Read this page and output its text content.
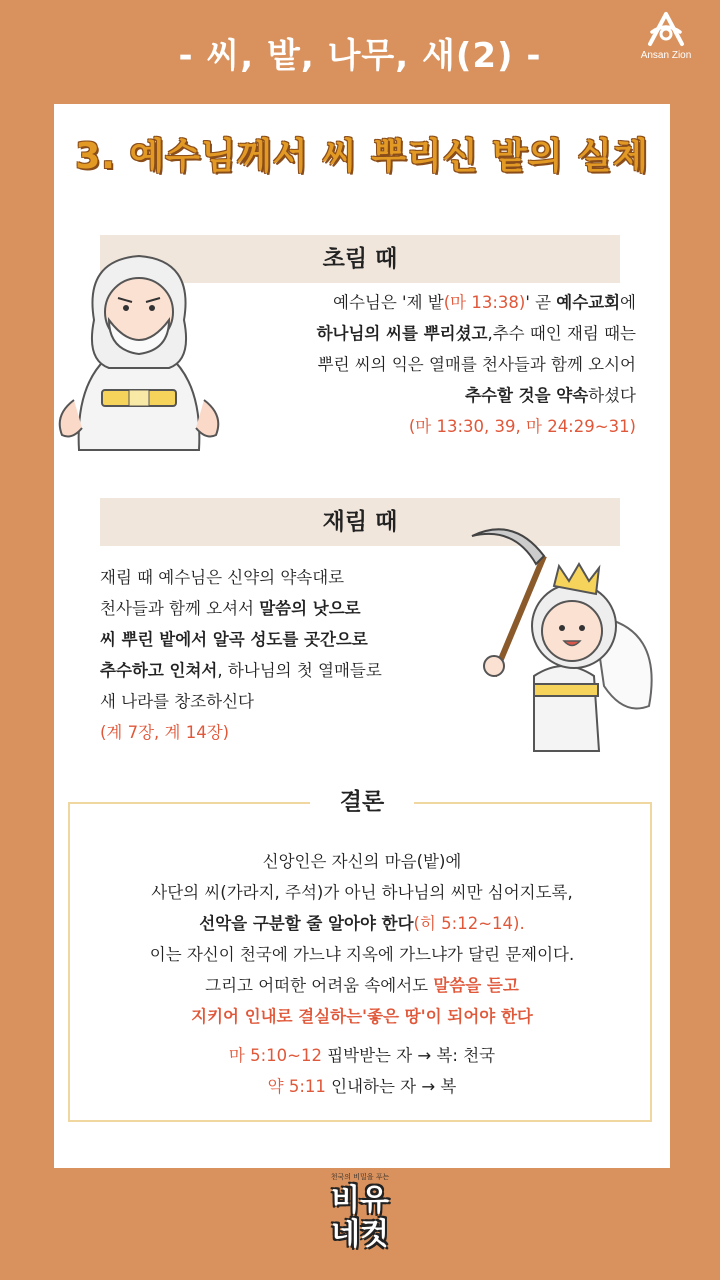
- 씨, 밭, 나무, 새(2) -	Ansan Zion
3. 예수님께서 씨 뿌리신 밭의 실체
초림 때
예수님은 '제 밭(마 13:38)' 곧 예수교회에
하나님의 씨를 뿌리셨고,추수 때인 재림 때는
뿌린 씨의 익은 열매를 천사들과 함께 오시어
추수할 것을 약속하셨다
(마 13:30, 39, 마 24:29~31)
재림 때
재림 때 예수님은 신약의 약속대로
천사들과 함께 오셔서 말씀의 낫으로
씨 뿌린 밭에서 알곡 성도를 곳간으로
추수하고 인쳐서, 하나님의 첫 열매들로
새 나라를 창조하신다
(계 7장, 계 14장)
결론
신앙인은 자신의 마음(밭)에
사단의 씨(가라지, 주석)가 아닌 하나님의 씨만 심어지도록,
선악을 구분할 줄 알아야 한다(히 5:12~14).
이는 자신이 천국에 가느냐 지옥에 가느냐가 달린 문제이다.
그리고 어떠한 어려움 속에서도 말씀을 듣고
지키어 인내로 결실하는'좋은 땅'이 되어야 한다
마 5:10~12 핍박받는 자 → 복: 천국
약 5:11 인내하는 자 → 복
천국의 비밀을 푸는
비유
네컷
